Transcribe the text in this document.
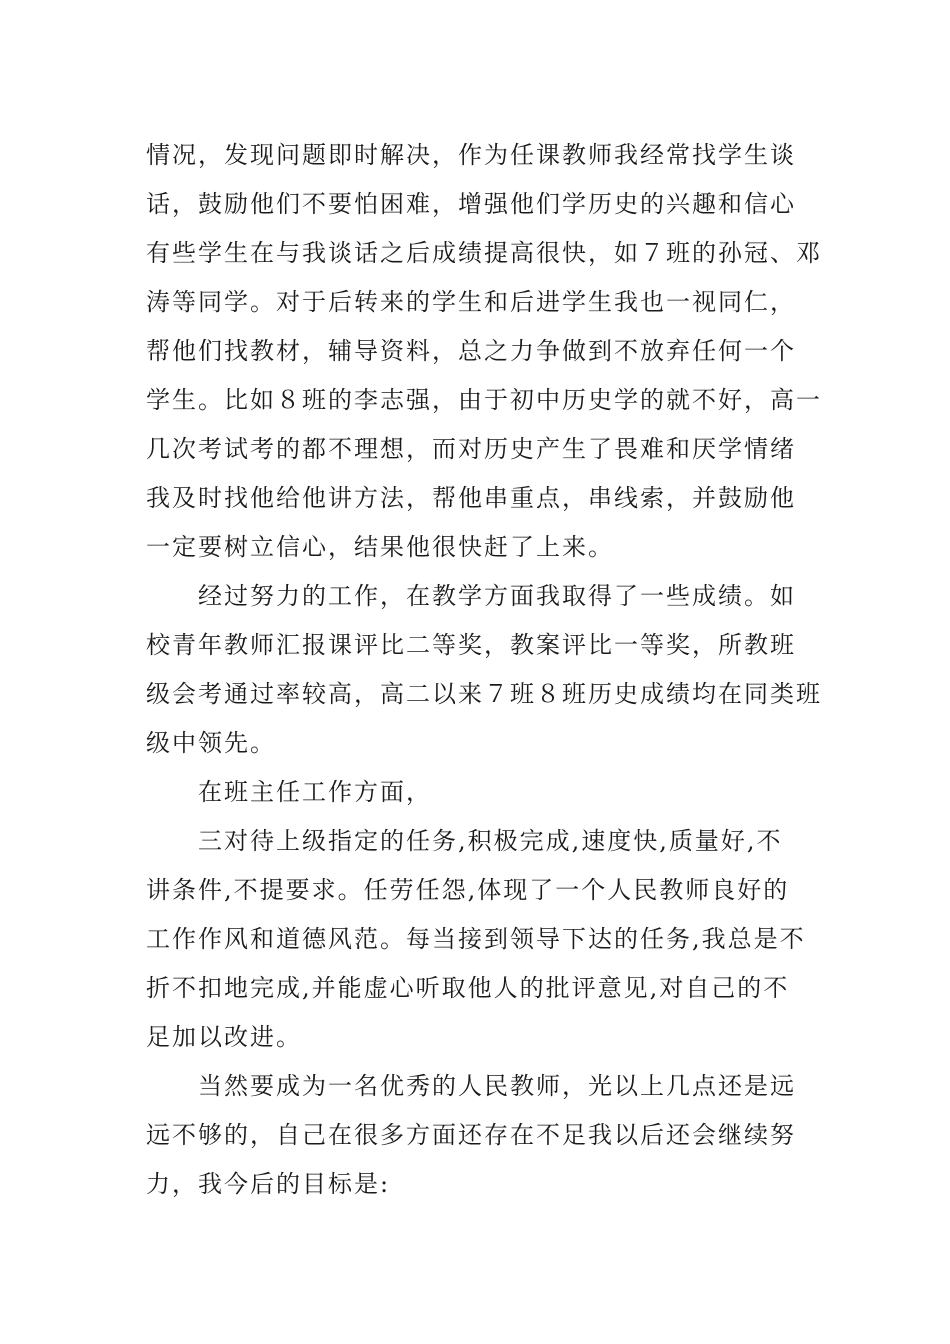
情况，发现问题即时解决，作为任课教师我经常找学生谈
话，鼓励他们不要怕困难，增强他们学历史的兴趣和信心
有些学生在与我谈话之后成绩提高很快，如７班的孙冠、邓
涛等同学。对于后转来的学生和后进学生我也一视同仁，
帮他们找教材，辅导资料，总之力争做到不放弃任何一个
学生。比如８班的李志强，由于初中历史学的就不好，高一
几次考试考的都不理想，而对历史产生了畏难和厌学情绪
我及时找他给他讲方法，帮他串重点，串线索，并鼓励他
一定要树立信心，结果他很快赶了上来。
经过努力的工作，在教学方面我取得了一些成绩。如
校青年教师汇报课评比二等奖，教案评比一等奖，所教班
级会考通过率较高，高二以来７班８班历史成绩均在同类班
级中领先。
在班主任工作方面，
三对待上级指定的任务,积极完成,速度快,质量好,不
讲条件,不提要求。任劳任怨,体现了一个人民教师良好的
工作作风和道德风范。每当接到领导下达的任务,我总是不
折不扣地完成,并能虚心听取他人的批评意见,对自己的不
足加以改进。
当然要成为一名优秀的人民教师，光以上几点还是远
远不够的，自己在很多方面还存在不足我以后还会继续努
力，我今后的目标是:
